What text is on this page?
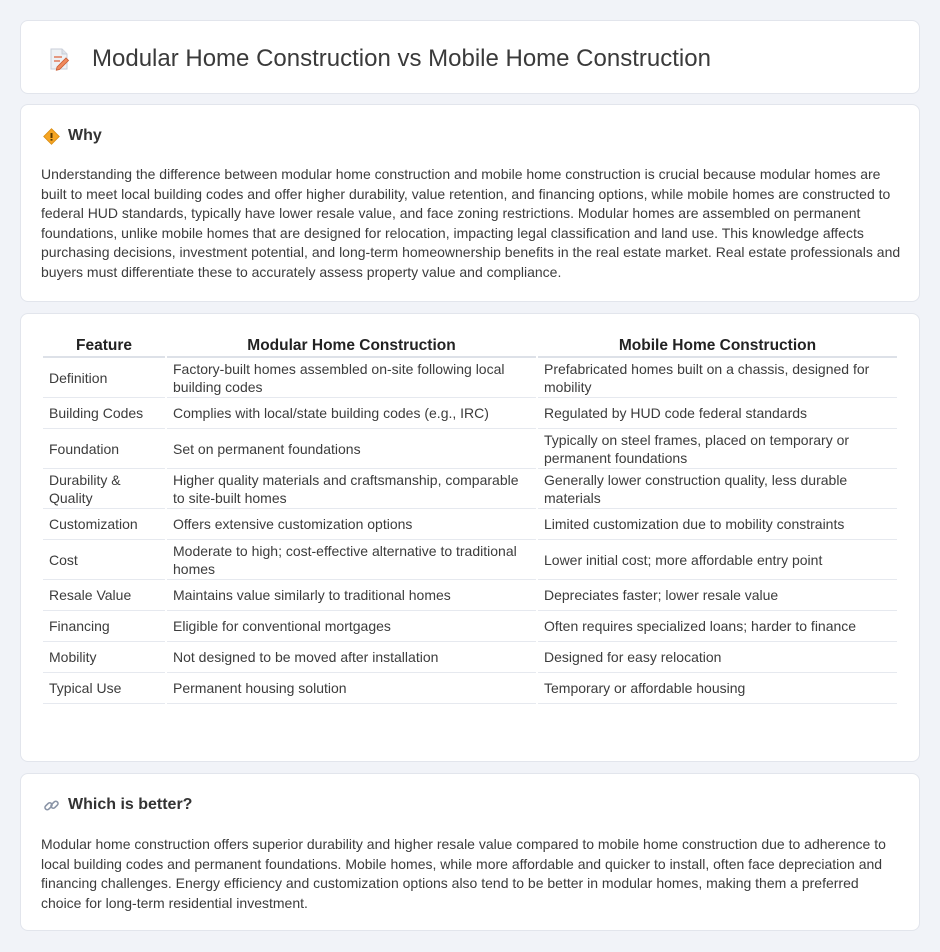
Modular Home Construction vs Mobile Home Construction
Why

Understanding the difference between modular home construction and mobile home construction is crucial because modular homes are built to meet local building codes and offer higher durability, value retention, and financing options, while mobile homes are constructed to federal HUD standards, typically have lower resale value, and face zoning restrictions. Modular homes are assembled on permanent foundations, unlike mobile homes that are designed for relocation, impacting legal classification and land use. This knowledge affects purchasing decisions, investment potential, and long-term homeownership benefits in the real estate market. Real estate professionals and buyers must differentiate these to accurately assess property value and compliance.

Feature	Modular Home Construction	Mobile Home Construction
Definition	Factory-built homes assembled on-site following local building codes	Prefabricated homes built on a chassis, designed for mobility
Building Codes	Complies with local/state building codes (e.g., IRC)	Regulated by HUD code federal standards
Foundation	Set on permanent foundations	Typically on steel frames, placed on temporary or permanent foundations
Durability & Quality	Higher quality materials and craftsmanship, comparable to site-built homes	Generally lower construction quality, less durable materials
Customization	Offers extensive customization options	Limited customization due to mobility constraints
Cost	Moderate to high; cost-effective alternative to traditional homes	Lower initial cost; more affordable entry point
Resale Value	Maintains value similarly to traditional homes	Depreciates faster; lower resale value
Financing	Eligible for conventional mortgages	Often requires specialized loans; harder to finance
Mobility	Not designed to be moved after installation	Designed for easy relocation
Typical Use	Permanent housing solution	Temporary or affordable housing
Which is better?

Modular home construction offers superior durability and higher resale value compared to mobile home construction due to adherence to local building codes and permanent foundations. Mobile homes, while more affordable and quicker to install, often face depreciation and financing challenges. Energy efficiency and customization options also tend to be better in modular homes, making them a preferred choice for long-term residential investment.
